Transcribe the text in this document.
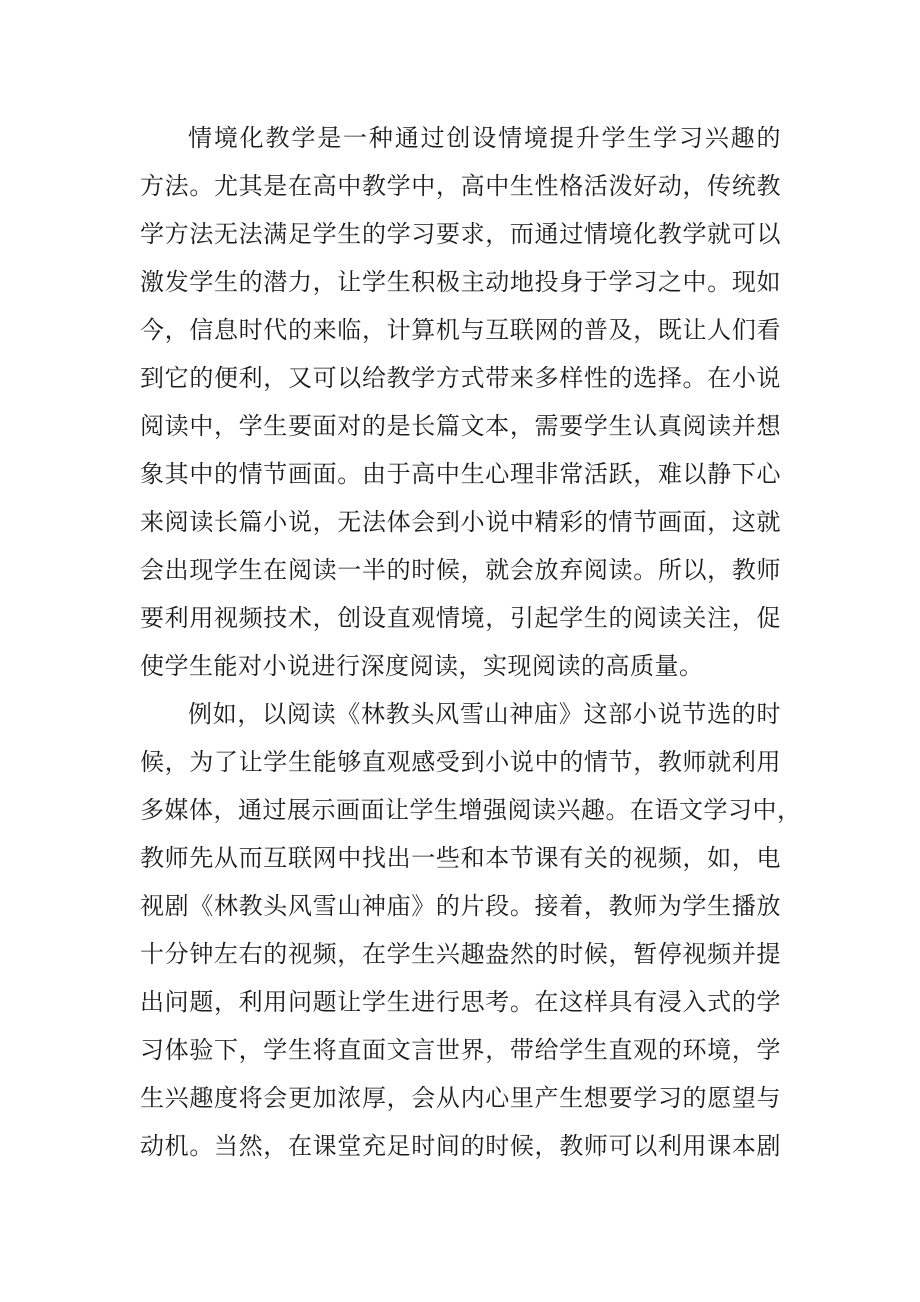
情境化教学是一种通过创设情境提升学生学习兴趣的
方法。尤其是在高中教学中，高中生性格活泼好动，传统教
学方法无法满足学生的学习要求，而通过情境化教学就可以
激发学生的潜力，让学生积极主动地投身于学习之中。现如
今，信息时代的来临，计算机与互联网的普及，既让人们看
到它的便利，又可以给教学方式带来多样性的选择。在小说
阅读中，学生要面对的是长篇文本，需要学生认真阅读并想
象其中的情节画面。由于高中生心理非常活跃，难以静下心
来阅读长篇小说，无法体会到小说中精彩的情节画面，这就
会出现学生在阅读一半的时候，就会放弃阅读。所以，教师
要利用视频技术，创设直观情境，引起学生的阅读关注，促
使学生能对小说进行深度阅读，实现阅读的高质量。
例如，以阅读《林教头风雪山神庙》这部小说节选的时
候，为了让学生能够直观感受到小说中的情节，教师就利用
多媒体，通过展示画面让学生增强阅读兴趣。在语文学习中，
教师先从而互联网中找出一些和本节课有关的视频，如，电
视剧《林教头风雪山神庙》的片段。接着，教师为学生播放
十分钟左右的视频，在学生兴趣盎然的时候，暂停视频并提
出问题，利用问题让学生进行思考。在这样具有浸入式的学
习体验下，学生将直面文言世界，带给学生直观的环境，学
生兴趣度将会更加浓厚，会从内心里产生想要学习的愿望与
动机。当然，在课堂充足时间的时候，教师可以利用课本剧
